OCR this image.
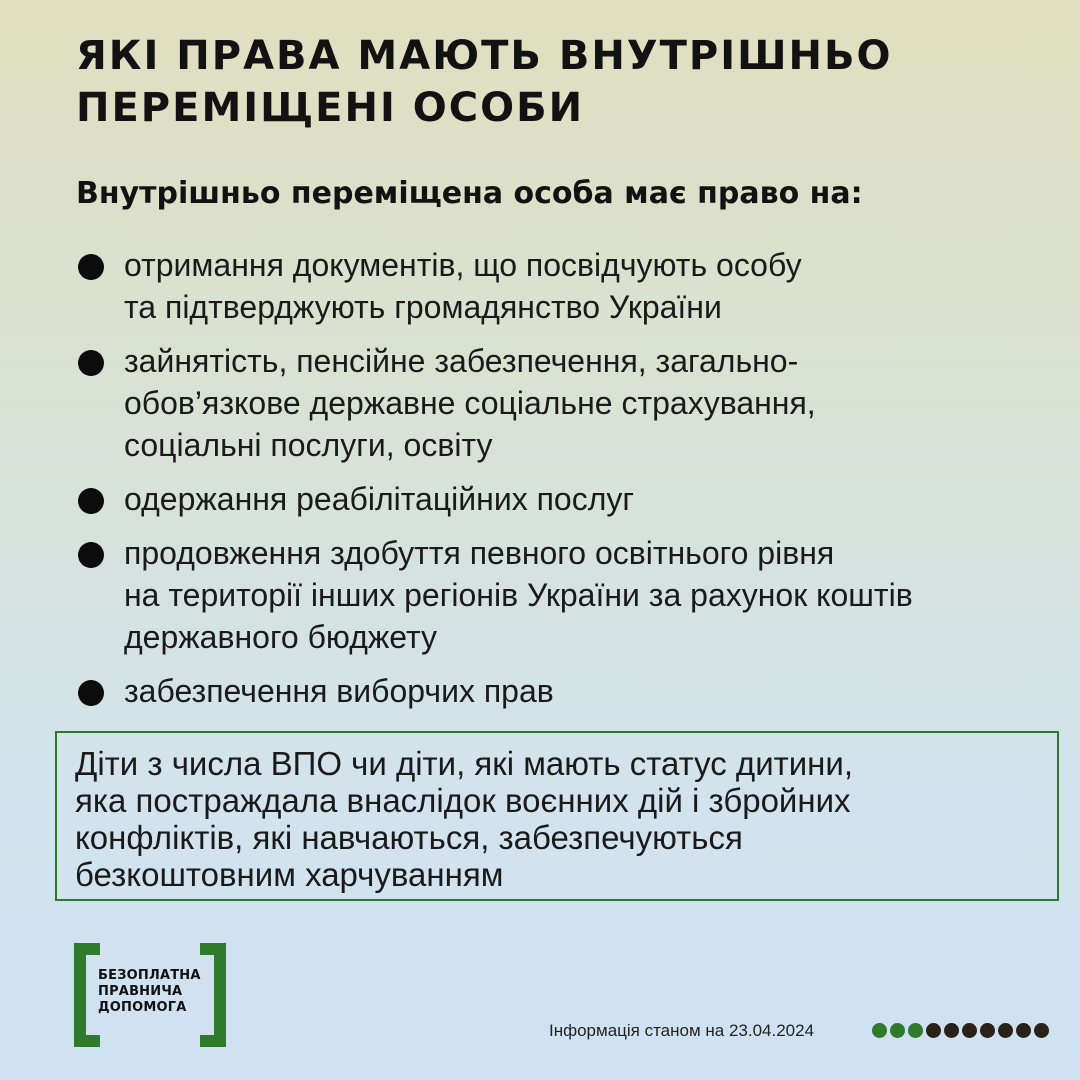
ЯКІ ПРАВА МАЮТЬ ВНУТРІШНЬО
ПЕРЕМІЩЕНІ ОСОБИ
Внутрішньо переміщена особа має право на:
отримання документів, що посвідчують особу
та підтверджують громадянство України
зайнятість, пенсійне забезпечення, загально-
обов’язкове державне соціальне страхування,
соціальні послуги, освіту
одержання реабілітаційних послуг
продовження здобуття певного освітнього рівня
на території інших регіонів України за рахунок коштів
державного бюджету
забезпечення виборчих прав
Діти з числа ВПО чи діти, які мають статус дитини,
яка постраждала внаслідок воєнних дій і збройних
конфліктів, які навчаються, забезпечуються
безкоштовним харчуванням
БЕЗОПЛАТНА
ПРАВНИЧА
ДОПОМОГА
Інформація станом на 23.04.2024
